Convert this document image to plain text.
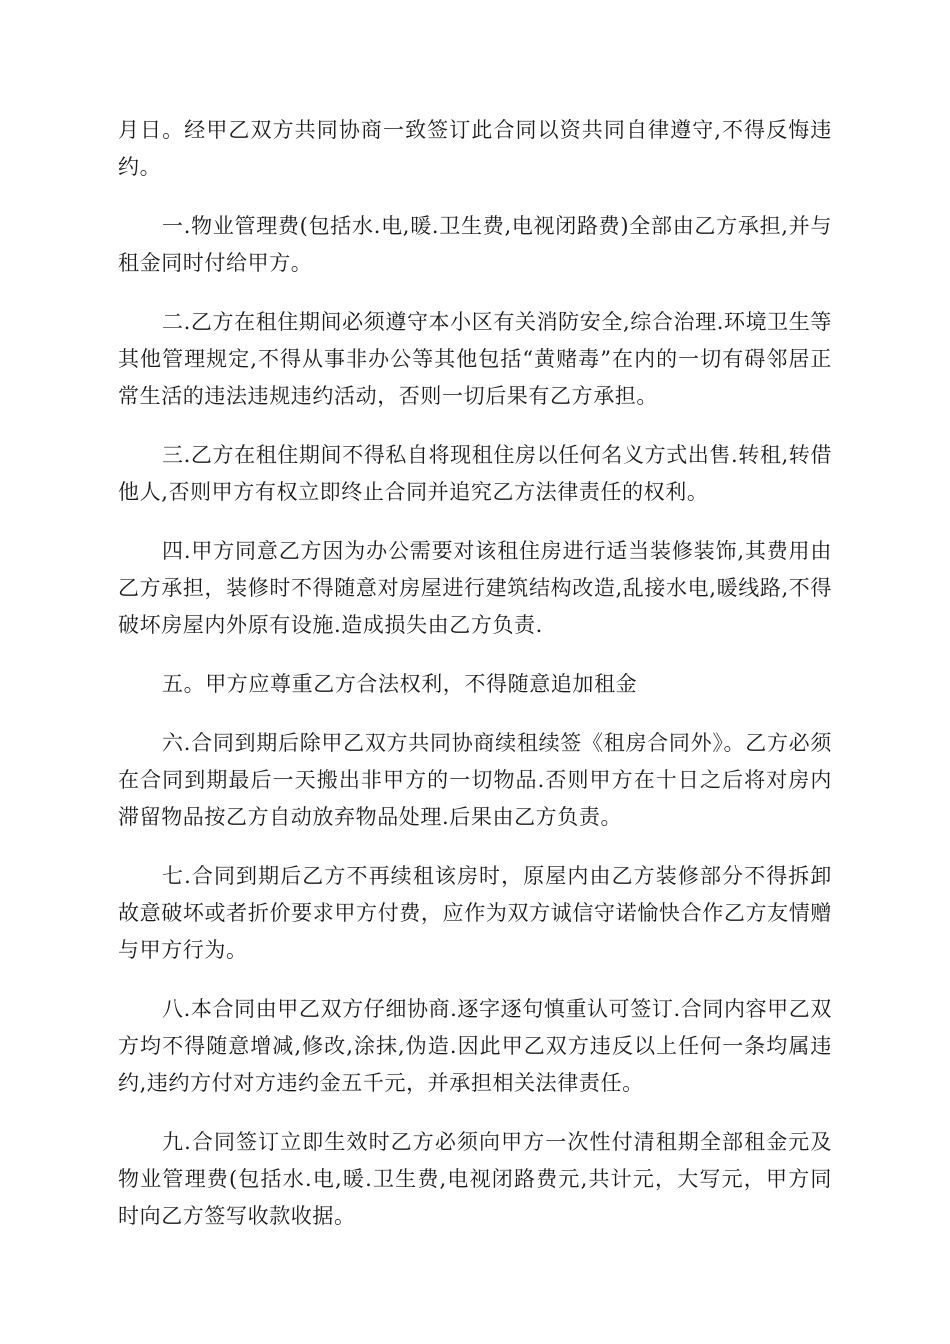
月日。经甲乙双方共同协商一致签订此合同以资共同自律遵守,不得反悔违约。

一.物业管理费(包括水.电,暖.卫生费,电视闭路费)全部由乙方承担,并与租金同时付给甲方。

二.乙方在租住期间必须遵守本小区有关消防安全,综合治理.环境卫生等其他管理规定,不得从事非办公等其他包括“黄赌毒”在内的一切有碍邻居正常生活的违法违规违约活动，否则一切后果有乙方承担。

三.乙方在租住期间不得私自将现租住房以任何名义方式出售.转租,转借他人,否则甲方有权立即终止合同并追究乙方法律责任的权利。

四.甲方同意乙方因为办公需要对该租住房进行适当装修装饰,其费用由乙方承担，装修时不得随意对房屋进行建筑结构改造,乱接水电,暖线路,不得破坏房屋内外原有设施.造成损失由乙方负责.

五。甲方应尊重乙方合法权利，不得随意追加租金

六.合同到期后除甲乙双方共同协商续租续签《租房合同外》。乙方必须在合同到期最后一天搬出非甲方的一切物品.否则甲方在十日之后将对房内滞留物品按乙方自动放弃物品处理.后果由乙方负责。

七.合同到期后乙方不再续租该房时，原屋内由乙方装修部分不得拆卸故意破坏或者折价要求甲方付费，应作为双方诚信守诺愉快合作乙方友情赠与甲方行为。

八.本合同由甲乙双方仔细协商.逐字逐句慎重认可签订.合同内容甲乙双方均不得随意增减,修改,涂抹,伪造.因此甲乙双方违反以上任何一条均属违约,违约方付对方违约金五千元，并承担相关法律责任。

九.合同签订立即生效时乙方必须向甲方一次性付清租期全部租金元及物业管理费(包括水.电,暖.卫生费,电视闭路费元,共计元，大写元，甲方同时向乙方签写收款收据。
